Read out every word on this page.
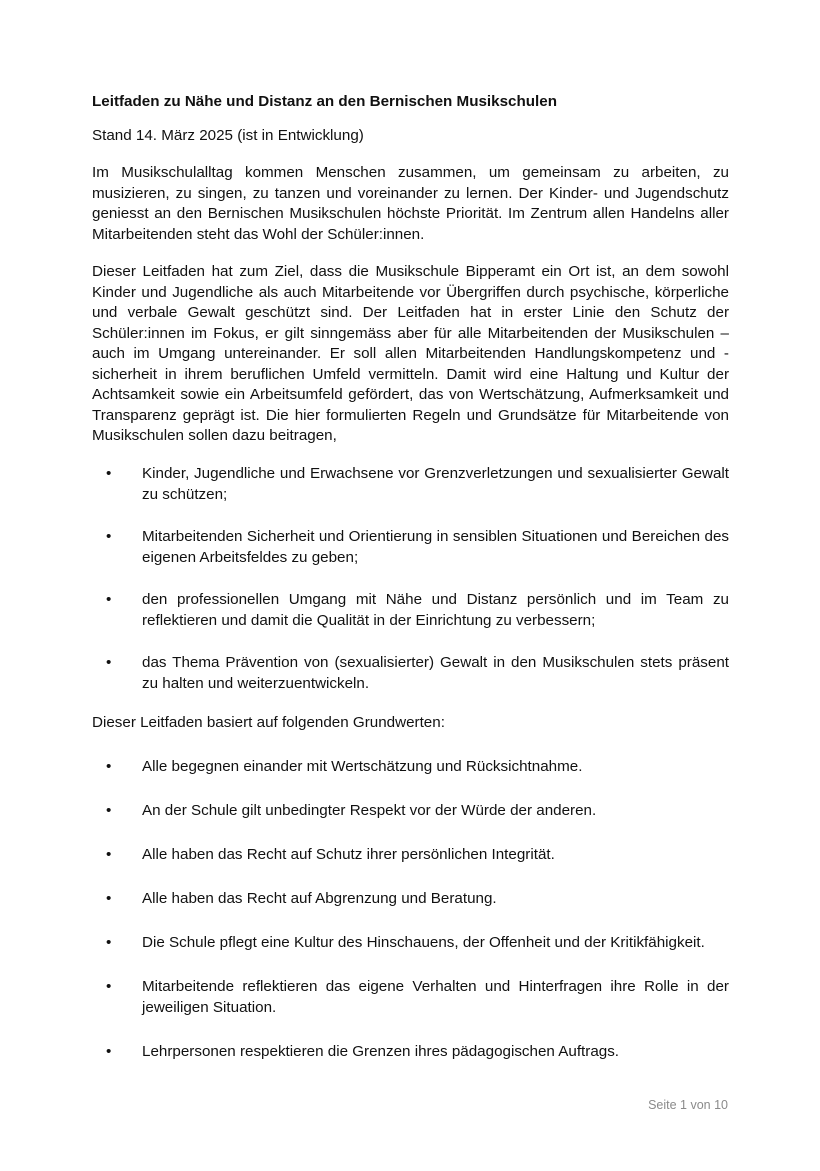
Leitfaden zu Nähe und Distanz an den Bernischen Musikschulen

Stand 14. März 2025 (ist in Entwicklung)

Im Musikschulalltag kommen Menschen zusammen, um gemeinsam zu arbeiten, zu musizieren, zu singen, zu tanzen und voreinander zu lernen. Der Kinder- und Jugendschutz geniesst an den Bernischen Musikschulen höchste Priorität. Im Zentrum allen Handelns aller Mitarbeitenden steht das Wohl der Schüler:innen.

Dieser Leitfaden hat zum Ziel, dass die Musikschule Bipperamt ein Ort ist, an dem sowohl Kinder und Jugendliche als auch Mitarbeitende vor Übergriffen durch psychische, körperliche und verbale Gewalt geschützt sind. Der Leitfaden hat in erster Linie den Schutz der Schüler:innen im Fokus, er gilt sinngemäss aber für alle Mitarbeitenden der Musikschulen – auch im Umgang untereinander. Er soll allen Mitarbeitenden Handlungskompetenz und -sicherheit in ihrem beruflichen Umfeld vermitteln. Damit wird eine Haltung und Kultur der Achtsamkeit sowie ein Arbeitsumfeld gefördert, das von Wertschätzung, Aufmerksamkeit und Transparenz geprägt ist. Die hier formulierten Regeln und Grundsätze für Mitarbeitende von Musikschulen sollen dazu beitragen,

• Kinder, Jugendliche und Erwachsene vor Grenzverletzungen und sexualisierter Gewalt zu schützen;
• Mitarbeitenden Sicherheit und Orientierung in sensiblen Situationen und Bereichen des eigenen Arbeitsfeldes zu geben;
• den professionellen Umgang mit Nähe und Distanz persönlich und im Team zu reflektieren und damit die Qualität in der Einrichtung zu verbessern;
• das Thema Prävention von (sexualisierter) Gewalt in den Musikschulen stets präsent zu halten und weiterzuentwickeln.

Dieser Leitfaden basiert auf folgenden Grundwerten:

• Alle begegnen einander mit Wertschätzung und Rücksichtnahme.
• An der Schule gilt unbedingter Respekt vor der Würde der anderen.
• Alle haben das Recht auf Schutz ihrer persönlichen Integrität.
• Alle haben das Recht auf Abgrenzung und Beratung.
• Die Schule pflegt eine Kultur des Hinschauens, der Offenheit und der Kritikfähigkeit.
• Mitarbeitende reflektieren das eigene Verhalten und Hinterfragen ihre Rolle in der jeweiligen Situation.
• Lehrpersonen respektieren die Grenzen ihres pädagogischen Auftrags.
Seite 1 von 10
